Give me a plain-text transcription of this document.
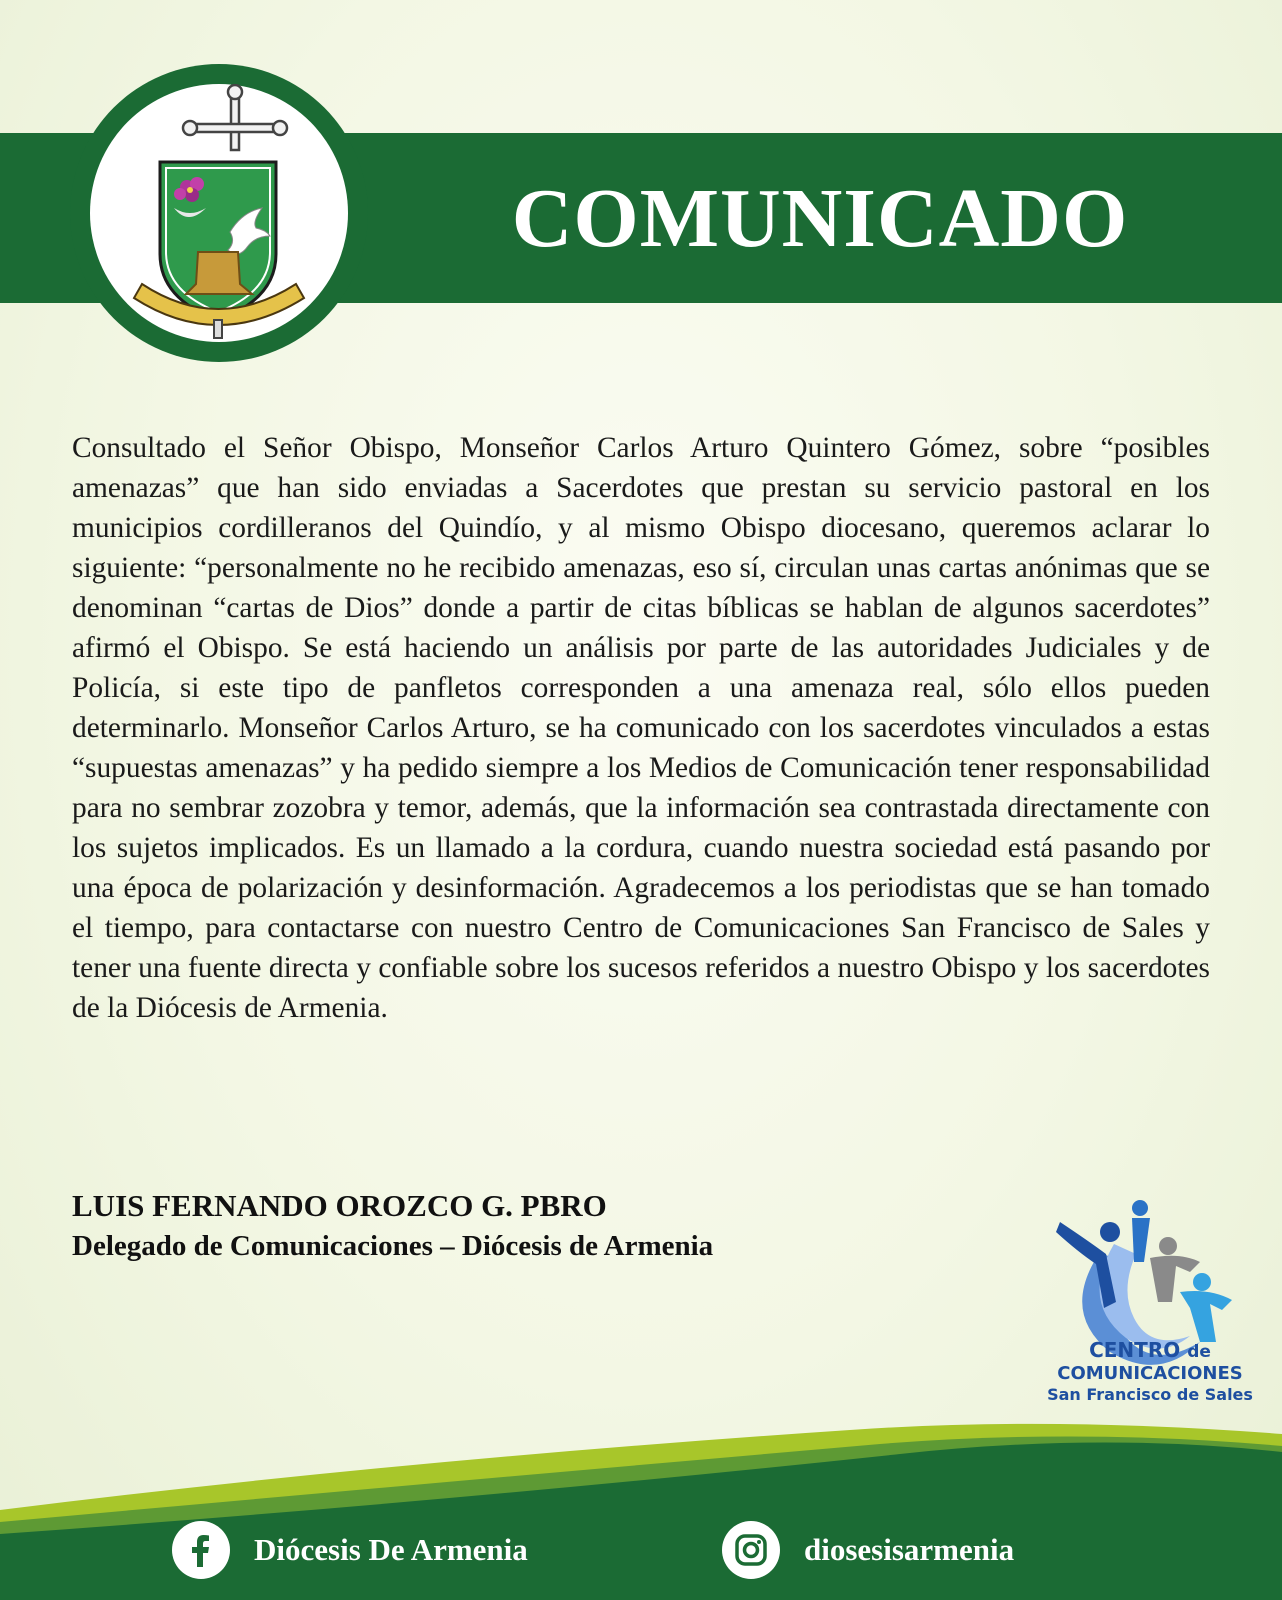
COMUNICADO

Consultado el Señor Obispo, Monseñor Carlos Arturo Quintero Gómez, sobre “posibles amenazas” que han sido enviadas a Sacerdotes que prestan su servicio pastoral en los municipios cordilleranos del Quindío, y al mismo Obispo diocesano, queremos aclarar lo siguiente: “personalmente no he recibido amenazas, eso sí, circulan unas cartas anónimas que se denominan “cartas de Dios” donde a partir de citas bíblicas se hablan de algunos sacerdotes” afirmó el Obispo. Se está haciendo un análisis por parte de las autoridades Judiciales y de Policía, si este tipo de panfletos corresponden a una amenaza real, sólo ellos pueden determinarlo. Monseñor Carlos Arturo, se ha comunicado con los sacerdotes vinculados a estas “supuestas amenazas” y ha pedido siempre a los Medios de Comunicación tener responsabilidad para no sembrar zozobra y temor, además, que la información sea contrastada directamente con los sujetos implicados. Es un llamado a la cordura, cuando nuestra sociedad está pasando por una época de polarización y desinformación. Agradecemos a los periodistas que se han tomado el tiempo, para contactarse con nuestro Centro de Comunicaciones San Francisco de Sales y tener una fuente directa y confiable sobre los sucesos referidos a nuestro Obispo y los sacerdotes de la Diócesis de Armenia.

LUIS FERNANDO OROZCO G. PBRO
Delegado de Comunicaciones – Diócesis de Armenia
CENTRO de
COMUNICACIONES
San Francisco de Sales
Diócesis De Armenia	diosesisarmenia
